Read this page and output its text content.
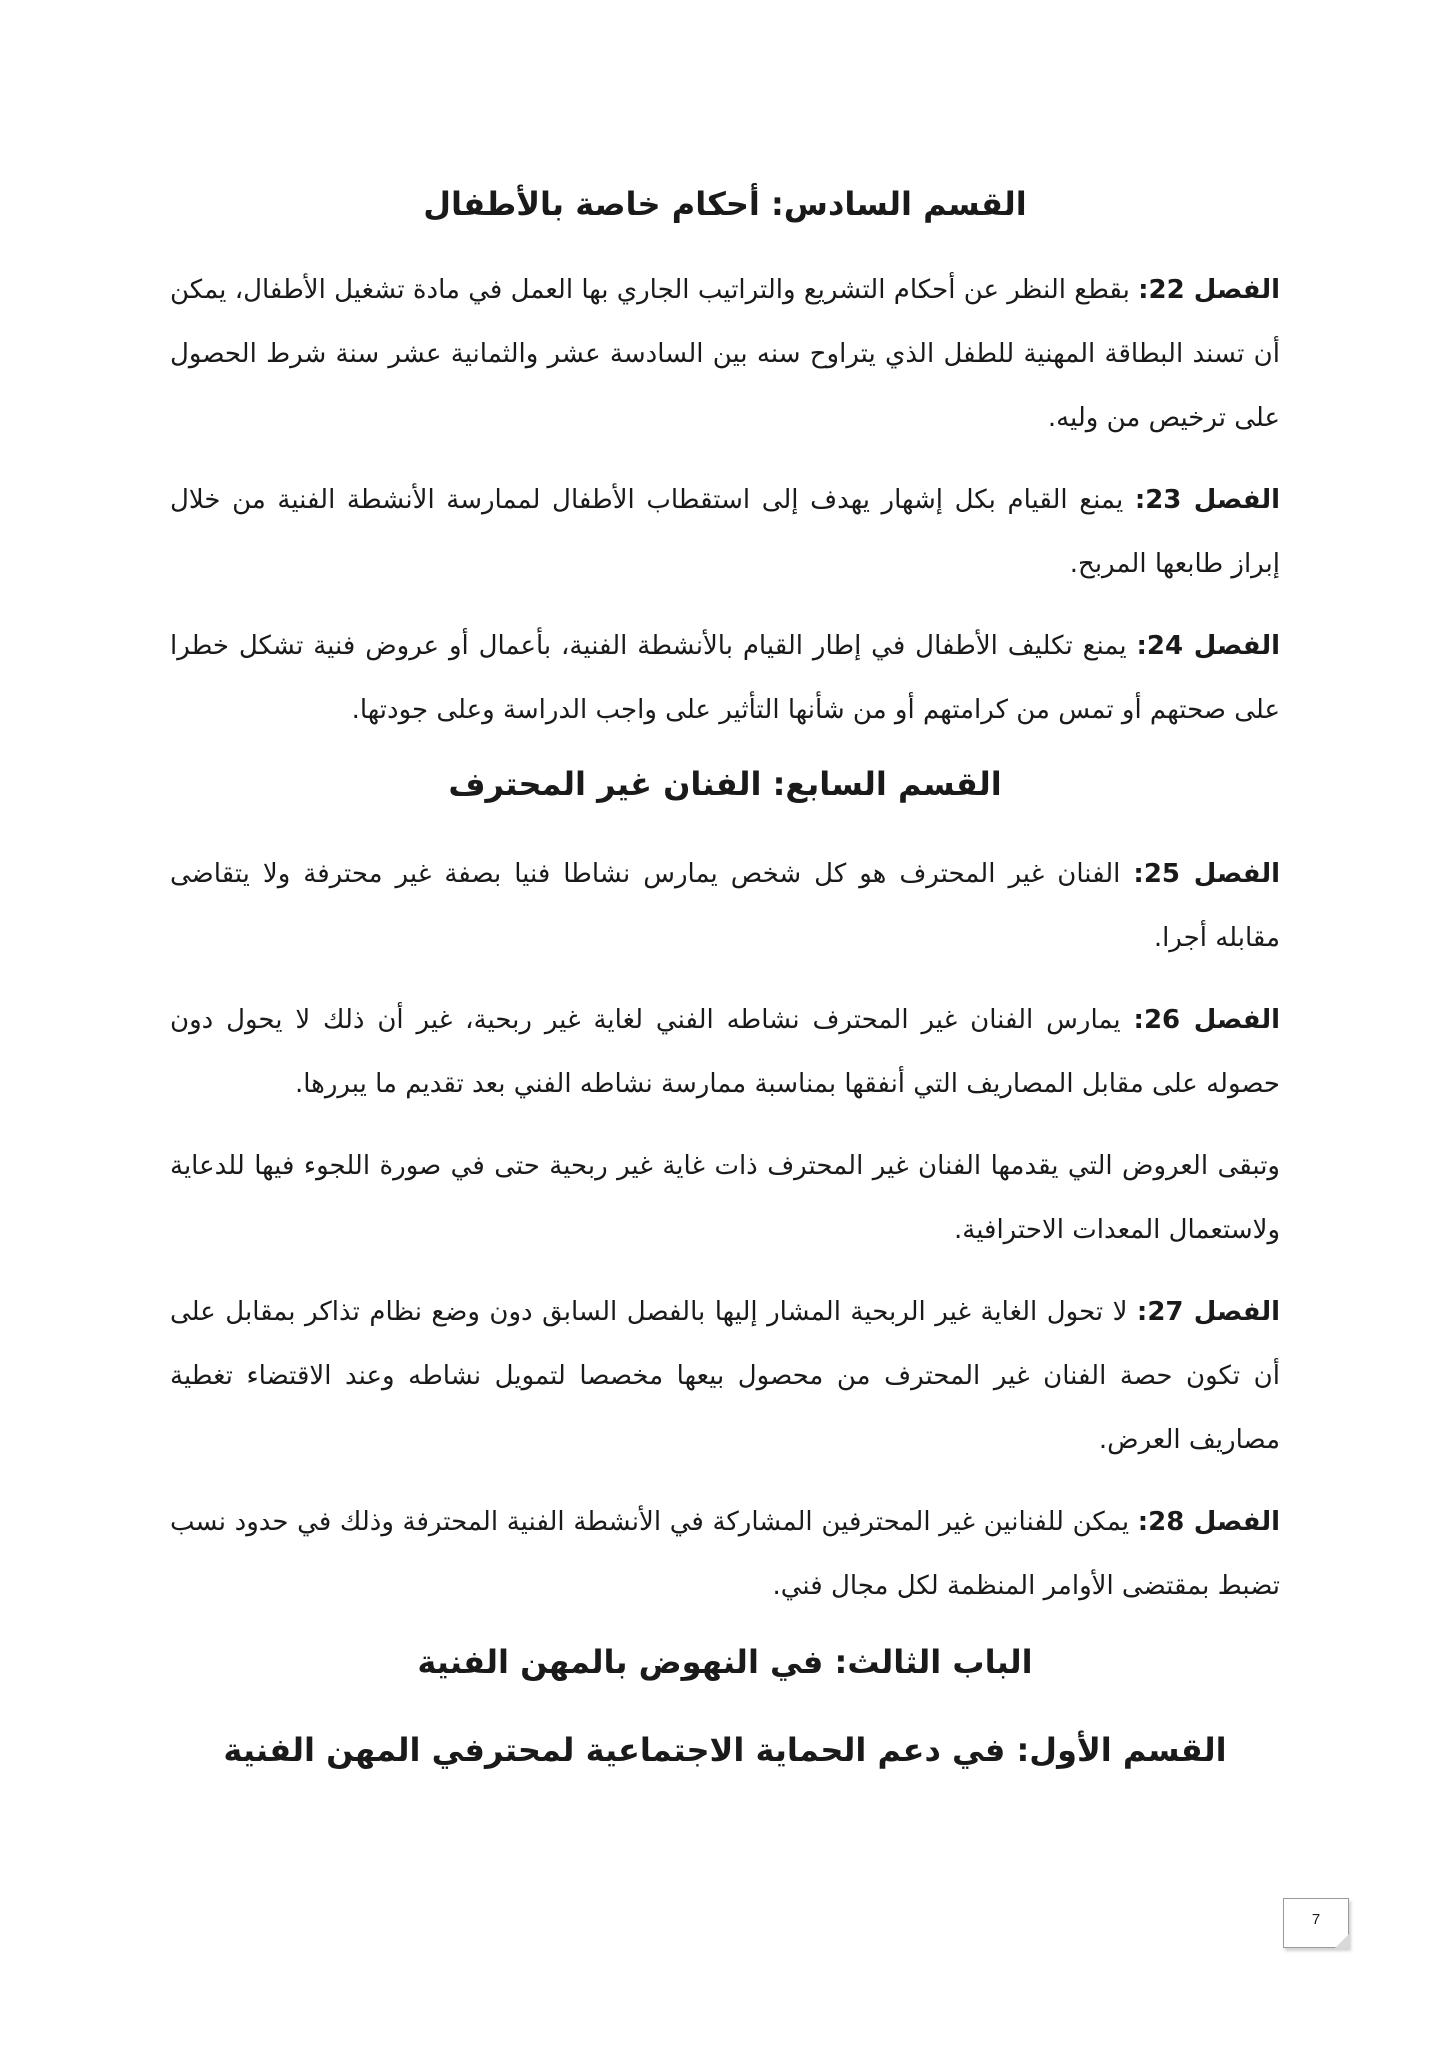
القسم السادس: أحكام خاصة بالأطفال

الفصل 22: بقطع النظر عن أحكام التشريع والتراتيب الجاري بها العمل في مادة تشغيل الأطفال، يمكن أن تسند البطاقة المهنية للطفل الذي يتراوح سنه بين السادسة عشر والثمانية عشر سنة شرط الحصول على ترخيص من وليه.

الفصل 23: يمنع القيام بكل إشهار يهدف إلى استقطاب الأطفال لممارسة الأنشطة الفنية من خلال إبراز طابعها المربح.

الفصل 24: يمنع تكليف الأطفال في إطار القيام بالأنشطة الفنية، بأعمال أو عروض فنية تشكل خطرا على صحتهم أو تمس من كرامتهم أو من شأنها التأثير على واجب الدراسة وعلى جودتها.

القسم السابع: الفنان غير المحترف

الفصل 25: الفنان غير المحترف هو كل شخص يمارس نشاطا فنيا بصفة غير محترفة ولا يتقاضى مقابله أجرا.

الفصل 26: يمارس الفنان غير المحترف نشاطه الفني لغاية غير ربحية، غير أن ذلك لا يحول دون حصوله على مقابل المصاريف التي أنفقها بمناسبة ممارسة نشاطه الفني بعد تقديم ما يبررها.

وتبقى العروض التي يقدمها الفنان غير المحترف ذات غاية غير ربحية حتى في صورة اللجوء فيها للدعاية ولاستعمال المعدات الاحترافية.

الفصل 27: لا تحول الغاية غير الربحية المشار إليها بالفصل السابق دون وضع نظام تذاكر بمقابل على أن تكون حصة الفنان غير المحترف من محصول بيعها مخصصا لتمويل نشاطه وعند الاقتضاء تغطية مصاريف العرض.

الفصل 28: يمكن للفنانين غير المحترفين المشاركة في الأنشطة الفنية المحترفة وذلك في حدود نسب تضبط بمقتضى الأوامر المنظمة لكل مجال فني.

الباب الثالث: في النهوض بالمهن الفنية
القسم الأول: في دعم الحماية الاجتماعية لمحترفي المهن الفنية
7
